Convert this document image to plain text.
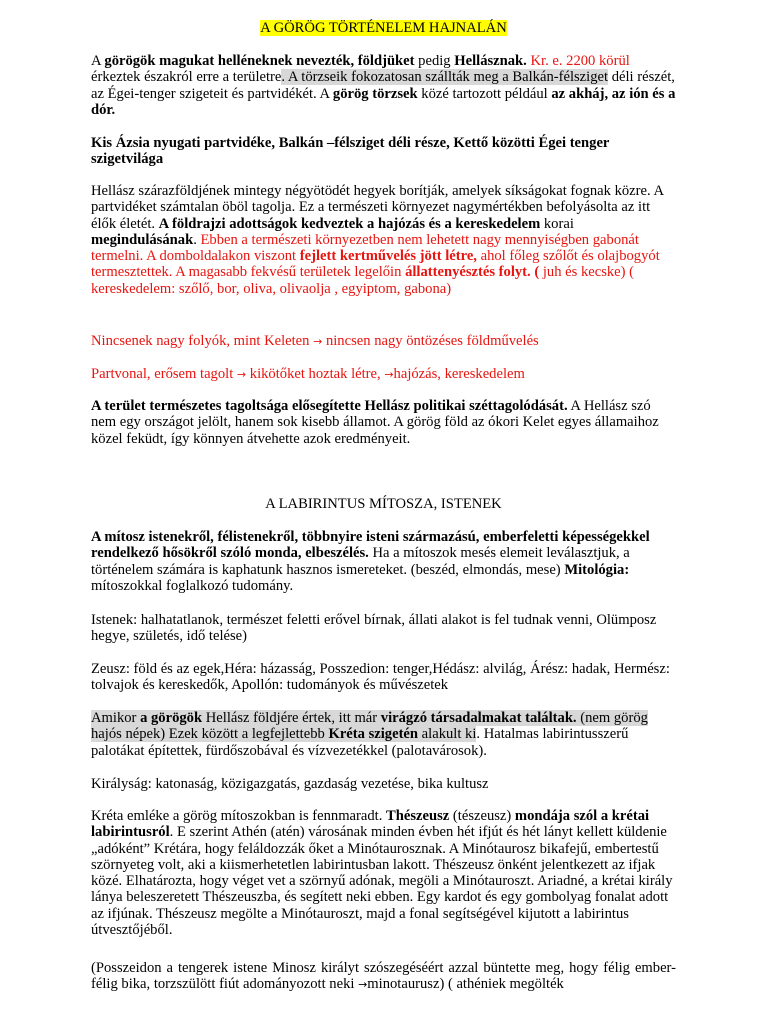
A GÖRÖG TÖRTÉNELEM HAJNALÁN

A görögök magukat helléneknek nevezték, földjüket pedig Hellásznak. Kr. e. 2200 körül érkeztek északról erre a területre. A törzseik fokozatosan szállták meg a Balkán-félsziget déli részét, az Égei-tenger szigeteit és partvidékét. A görög törzsek közé tartozott például az akháj, az ión és a dór.

Kis Ázsia nyugati partvidéke, Balkán –félsziget déli része, Kettő közötti Égei tenger szigetvilága

Hellász szárazföldjének mintegy négyötödét hegyek borítják, amelyek síkságokat fognak közre. A partvidéket számtalan öböl tagolja. Ez a természeti környezet nagymértékben befolyásolta az itt élők életét. A földrajzi adottságok kedveztek a hajózás és a kereskedelem korai megindulásának. Ebben a természeti környezetben nem lehetett nagy mennyiségben gabonát termelni. A domboldalakon viszont fejlett kertművelés jött létre, ahol főleg szőlőt és olajbogyót termesztettek. A magasabb fekvésű területek legelőin állattenyésztés folyt. ( juh és kecske) ( kereskedelem: szőlő, bor, oliva, olivaolja , egyiptom, gabona)

Nincsenek nagy folyók, mint Keleten → nincsen nagy öntözéses földművelés

Partvonal, erősem tagolt → kikötőket hoztak létre, →hajózás, kereskedelem

A terület természetes tagoltsága elősegítette Hellász politikai széttagolódását. A Hellász szó nem egy országot jelölt, hanem sok kisebb államot. A görög föld az ókori Kelet egyes államaihoz közel feküdt, így könnyen átvehette azok eredményeit.

A LABIRINTUS MÍTOSZA, ISTENEK

A mítosz istenekről, félistenekről, többnyire isteni származású, emberfeletti képességekkel rendelkező hősökről szóló monda, elbeszélés. Ha a mítoszok mesés elemeit leválasztjuk, a történelem számára is kaphatunk hasznos ismereteket. (beszéd, elmondás, mese) Mitológia: mítoszokkal foglalkozó tudomány.

Istenek: halhatatlanok, természet feletti erővel bírnak, állati alakot is fel tudnak venni, Olümposz hegye, születés, idő telése)

Zeusz: föld és az egek,Héra: házasság, Posszedion: tenger,Hédász: alvilág, Árész: hadak, Hermész: tolvajok és kereskedők, Apollón: tudományok és művészetek

Amikor a görögök Hellász földjére értek, itt már virágzó társadalmakat találtak. (nem görög hajós népek) Ezek között a legfejlettebb Kréta szigetén alakult ki. Hatalmas labirintusszerű palotákat építettek, fürdőszobával és vízvezetékkel (palotavárosok).

Királyság: katonaság, közigazgatás, gazdaság vezetése, bika kultusz

Kréta emléke a görög mítoszokban is fennmaradt. Thészeusz (tészeusz) mondája szól a krétai labirintusról. E szerint Athén (atén) városának minden évben hét ifjút és hét lányt kellett küldenie „adóként” Krétára, hogy feláldozzák őket a Minótaurosznak. A Minótaurosz bikafejű, embertestű szörnyeteg volt, aki a kiismerhetetlen labirintusban lakott. Thészeusz önként jelentkezett az ifjak közé. Elhatározta, hogy véget vet a szörnyű adónak, megöli a Minótauroszt. Ariadné, a krétai király lánya beleszeretett Thészeuszba, és segített neki ebben. Egy kardot és egy gombolyag fonalat adott az ifjúnak. Thészeusz megölte a Minótauroszt, majd a fonal segítségével kijutott a labirintus útvesztőjéből.

(Posszeidon a tengerek istene Minosz királyt szószegéséért azzal büntette meg, hogy félig ember-félig bika, torzszülött fiút adományozott neki →minotaurusz) ( athéniek megölték
